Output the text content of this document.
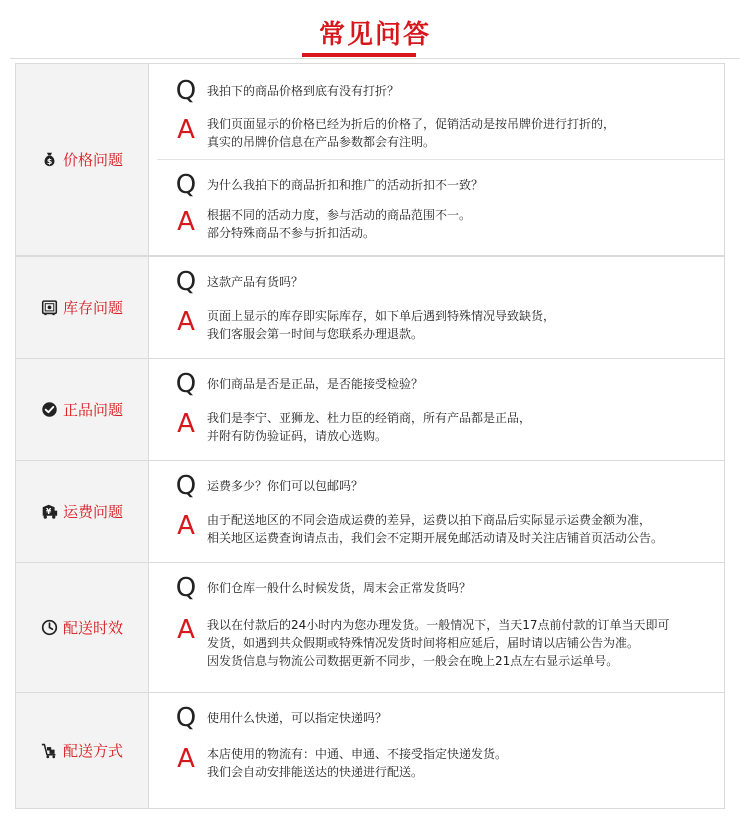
常见问答
$ 价格问题
Q 我拍下的商品价格到底有没有打折？
A	我们页面显示的价格已经为折后的价格了，促销活动是按吊牌价进行打折的，
真实的吊牌价信息在产品参数都会有注明。
Q 为什么我拍下的商品折扣和推广的活动折扣不一致？
A	根据不同的活动力度，参与活动的商品范围不一。
部分特殊商品不参与折扣活动。
库存问题
Q 这款产品有货吗？
A	页面上显示的库存即实际库存，如下单后遇到特殊情况导致缺货，
我们客服会第一时间与您联系办理退款。
正品问题
Q 你们商品是否是正品，是否能接受检验？
A	我们是李宁、亚狮龙、杜力臣的经销商，所有产品都是正品，
并附有防伪验证码，请放心选购。
¥ 运费问题
Q 运费多少？你们可以包邮吗？
A	由于配送地区的不同会造成运费的差异，运费以拍下商品后实际显示运费金额为准，
相关地区运费查询请点击，我们会不定期开展免邮活动请及时关注店铺首页活动公告。
配送时效
Q 你们仓库一般什么时候发货，周末会正常发货吗？
A	我以在付款后的24小时内为您办理发货。一般情况下，当天17点前付款的订单当天即可
发货，如遇到共众假期或特殊情况发货时间将相应延后，届时请以店铺公告为准。
因发货信息与物流公司数据更新不同步，一般会在晚上21点左右显示运单号。
配送方式
Q 使用什么快递，可以指定快递吗？
A	本店使用的物流有：中通、申通、不接受指定快递发货。
我们会自动安排能送达的快递进行配送。
